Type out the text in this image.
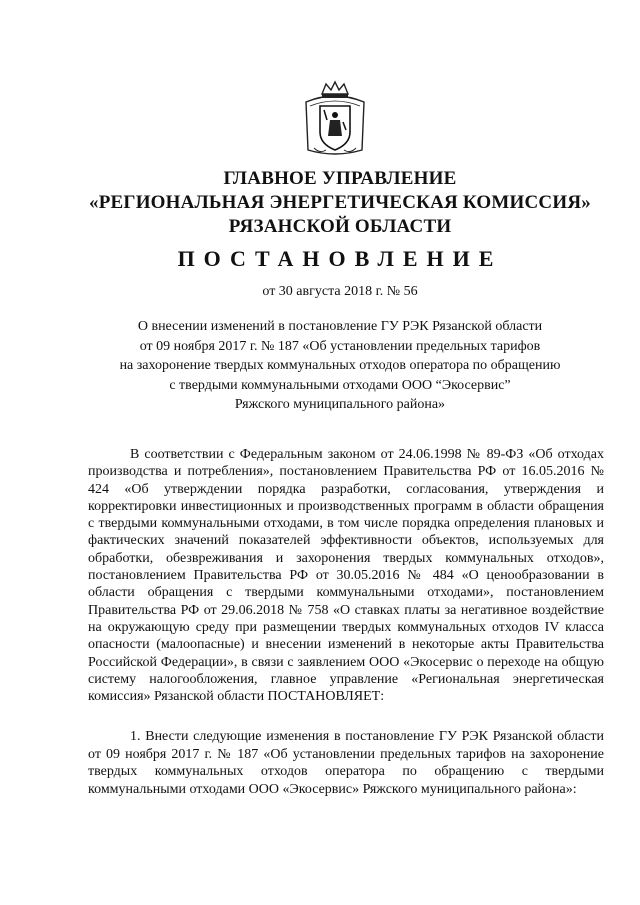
ГЛАВНОЕ УПРАВЛЕНИЕ
«РЕГИОНАЛЬНАЯ ЭНЕРГЕТИЧЕСКАЯ КОМИССИЯ»
РЯЗАНСКОЙ ОБЛАСТИ
ПОСТАНОВЛЕНИЕ
от 30 августа 2018 г. № 56
О внесении изменений в постановление ГУ РЭК Рязанской области
от 09 ноября 2017 г. № 187 «Об установлении предельных тарифов
на захоронение твердых коммунальных отходов оператора по обращению
с твердыми коммунальными отходами ООО “Экосервис”
Ряжского муниципального района»

В соответствии с Федеральным законом от 24.06.1998 № 89-ФЗ «Об отходах производства и потребления», постановлением Правительства РФ от 16.05.2016 № 424 «Об утверждении порядка разработки, согласования, утверждения и корректировки инвестиционных и производственных программ в области обращения с твердыми коммунальными отходами, в том числе порядка определения плановых и фактических значений показателей эффективности объектов, используемых для обработки, обезвреживания и захоронения твердых коммунальных отходов», постановлением Правительства РФ от 30.05.2016 № 484 «О ценообразовании в области обращения с твердыми коммунальными отходами», постановлением Правительства РФ от 29.06.2018 № 758 «О ставках платы за негативное воздействие на окружающую среду при размещении твердых коммунальных отходов IV класса опасности (малоопасные) и внесении изменений в некоторые акты Правительства Российской Федерации», в связи с заявлением ООО «Экосервис о переходе на общую систему налогообложения, главное управление «Региональная энергетическая комиссия» Рязанской области ПОСТАНОВЛЯЕТ:

1. Внести следующие изменения в постановление ГУ РЭК Рязанской области от 09 ноября 2017 г. № 187 «Об установлении предельных тарифов на захоронение твердых коммунальных отходов оператора по обращению с твердыми коммунальными отходами ООО «Экосервис» Ряжского муниципального района»:
